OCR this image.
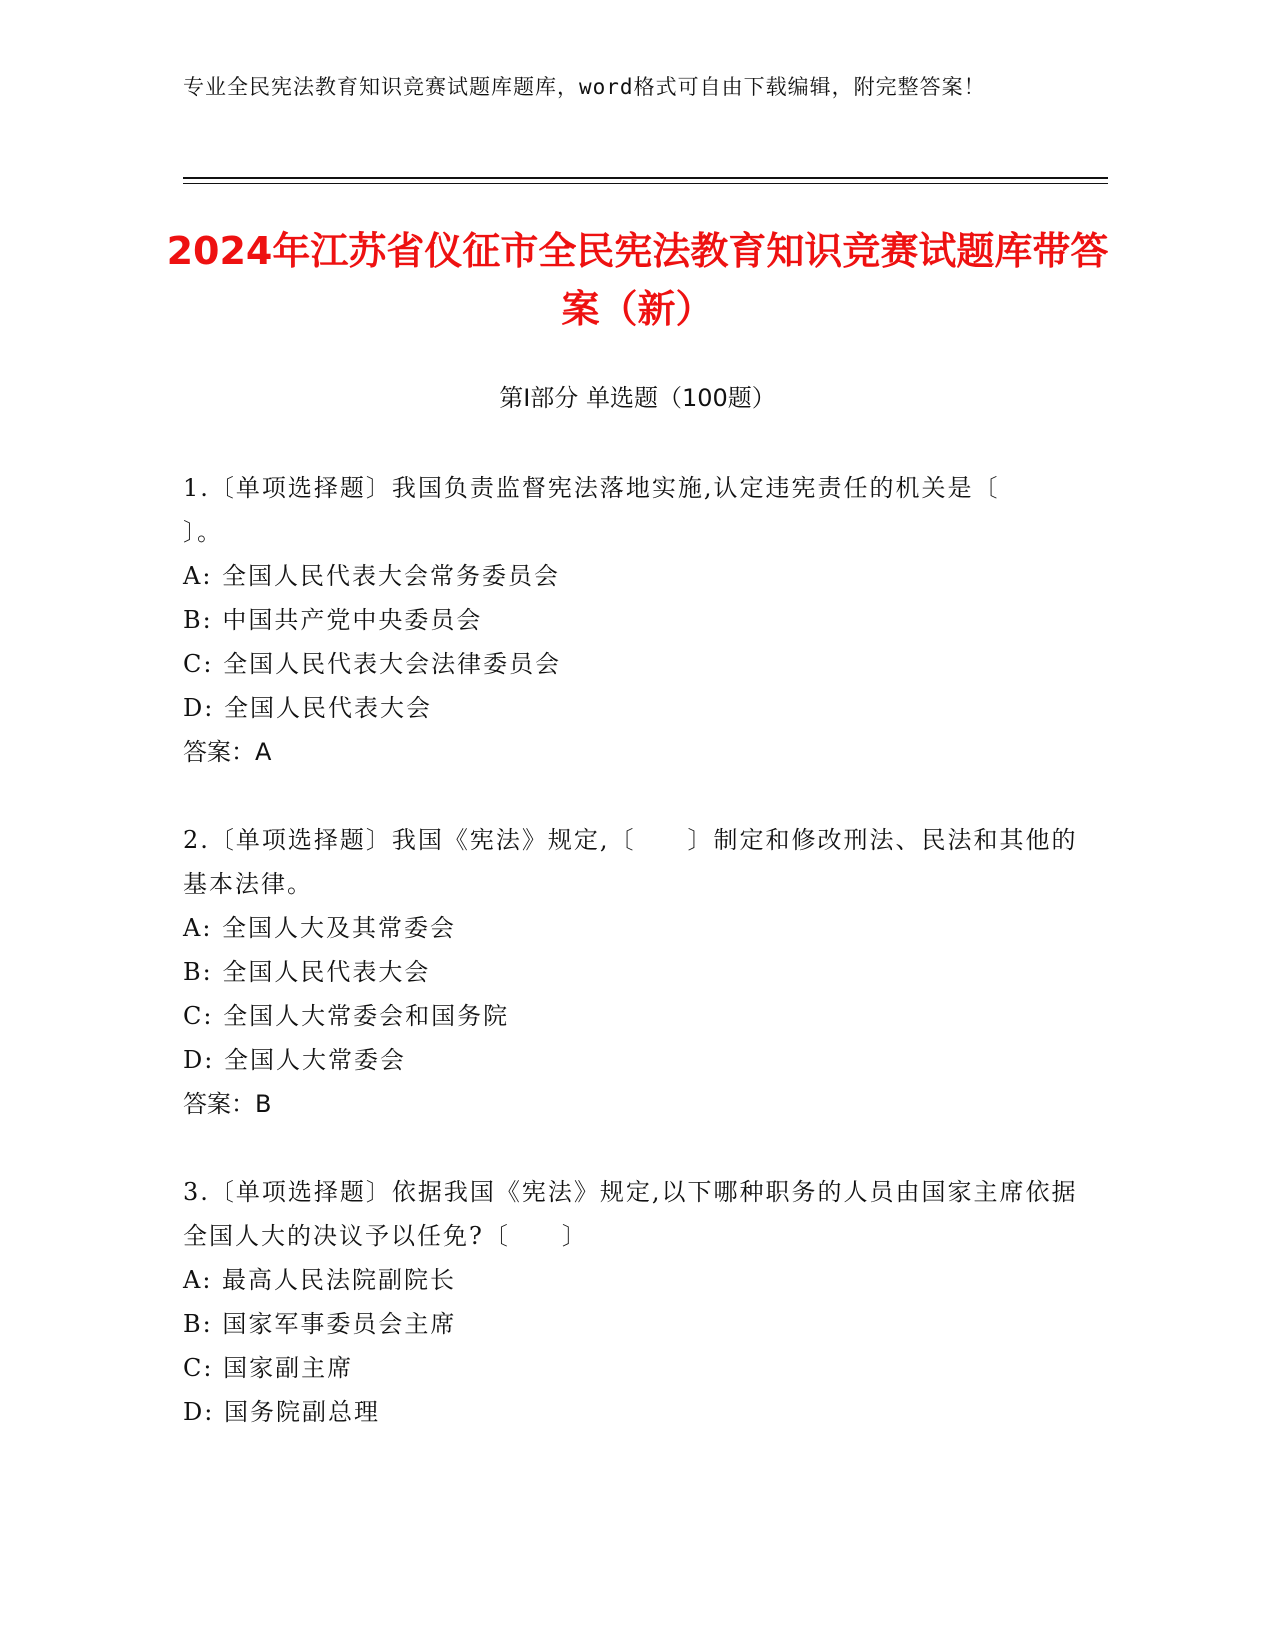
专业全民宪法教育知识竞赛试题库题库，word格式可自由下载编辑，附完整答案！
2024年江苏省仪征市全民宪法教育知识竞赛试题库带答案（新）
第Ⅰ部分 单选题（100题）
1.〔单项选择题〕我国负责监督宪法落地实施,认定违宪责任的机关是〔　　〕。
A: 全国人民代表大会常务委员会
B: 中国共产党中央委员会
C: 全国人民代表大会法律委员会
D: 全国人民代表大会
答案：A
2.〔单项选择题〕我国《宪法》规定,〔　　〕制定和修改刑法、民法和其他的基本法律。
A: 全国人大及其常委会
B: 全国人民代表大会
C: 全国人大常委会和国务院
D: 全国人大常委会
答案：B
3.〔单项选择题〕依据我国《宪法》规定,以下哪种职务的人员由国家主席依据全国人大的决议予以任免?〔　　〕
A: 最高人民法院副院长
B: 国家军事委员会主席
C: 国家副主席
D: 国务院副总理
